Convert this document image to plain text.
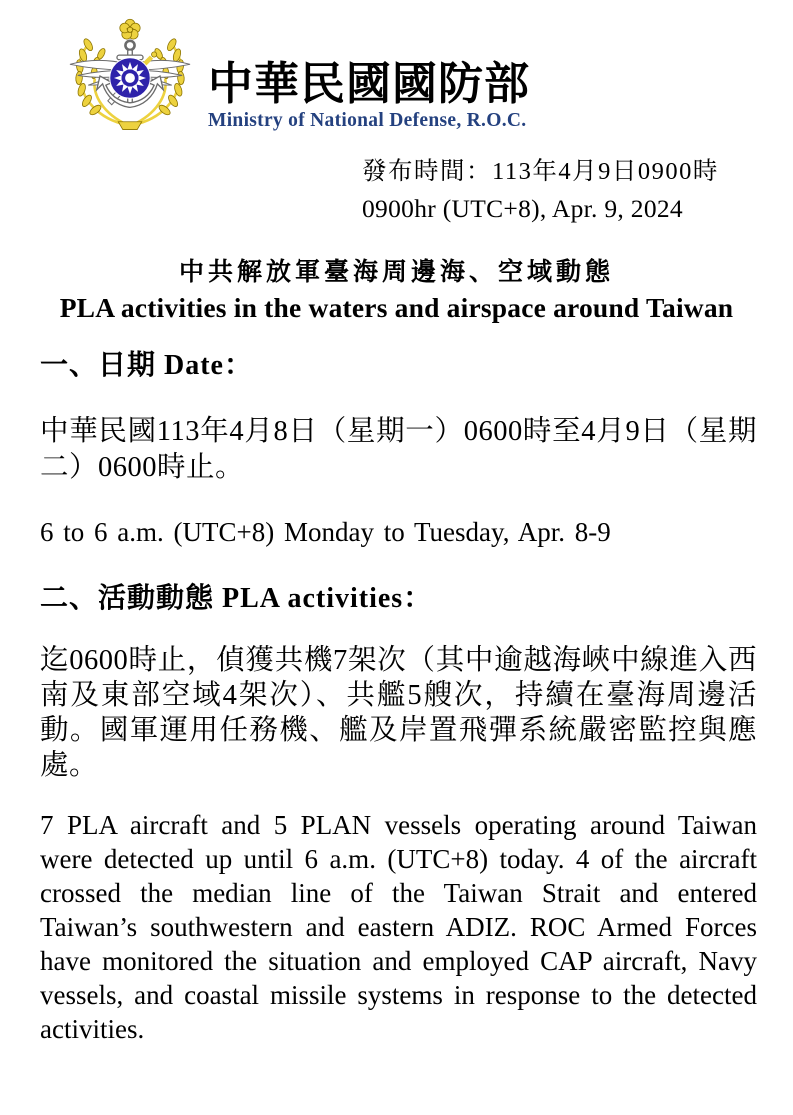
中華民國國防部
Ministry of National Defense, R.O.C.
發布時間：113年4月9日0900時
0900hr (UTC+8), Apr. 9, 2024
中共解放軍臺海周邊海、空域動態
PLA activities in the waters and airspace around Taiwan
一、日期 Date：

中華民國113年4月8日（星期一）0600時至4月9日（星期二）0600時止。

6 to 6 a.m. (UTC+8) Monday to Tuesday, Apr. 8-9

二、活動動態 PLA activities：

迄0600時止，偵獲共機7架次（其中逾越海峽中線進入西南及東部空域4架次）、共艦5艘次，持續在臺海周邊活動。國軍運用任務機、艦及岸置飛彈系統嚴密監控與應處。

7 PLA aircraft and 5 PLAN vessels operating around Taiwan were detected up until 6 a.m. (UTC+8) today. 4 of the aircraft crossed the median line of the Taiwan Strait and entered Taiwan’s southwestern and eastern ADIZ. ROC Armed Forces have monitored the situation and employed CAP aircraft, Navy vessels, and coastal missile systems in response to the detected activities.
